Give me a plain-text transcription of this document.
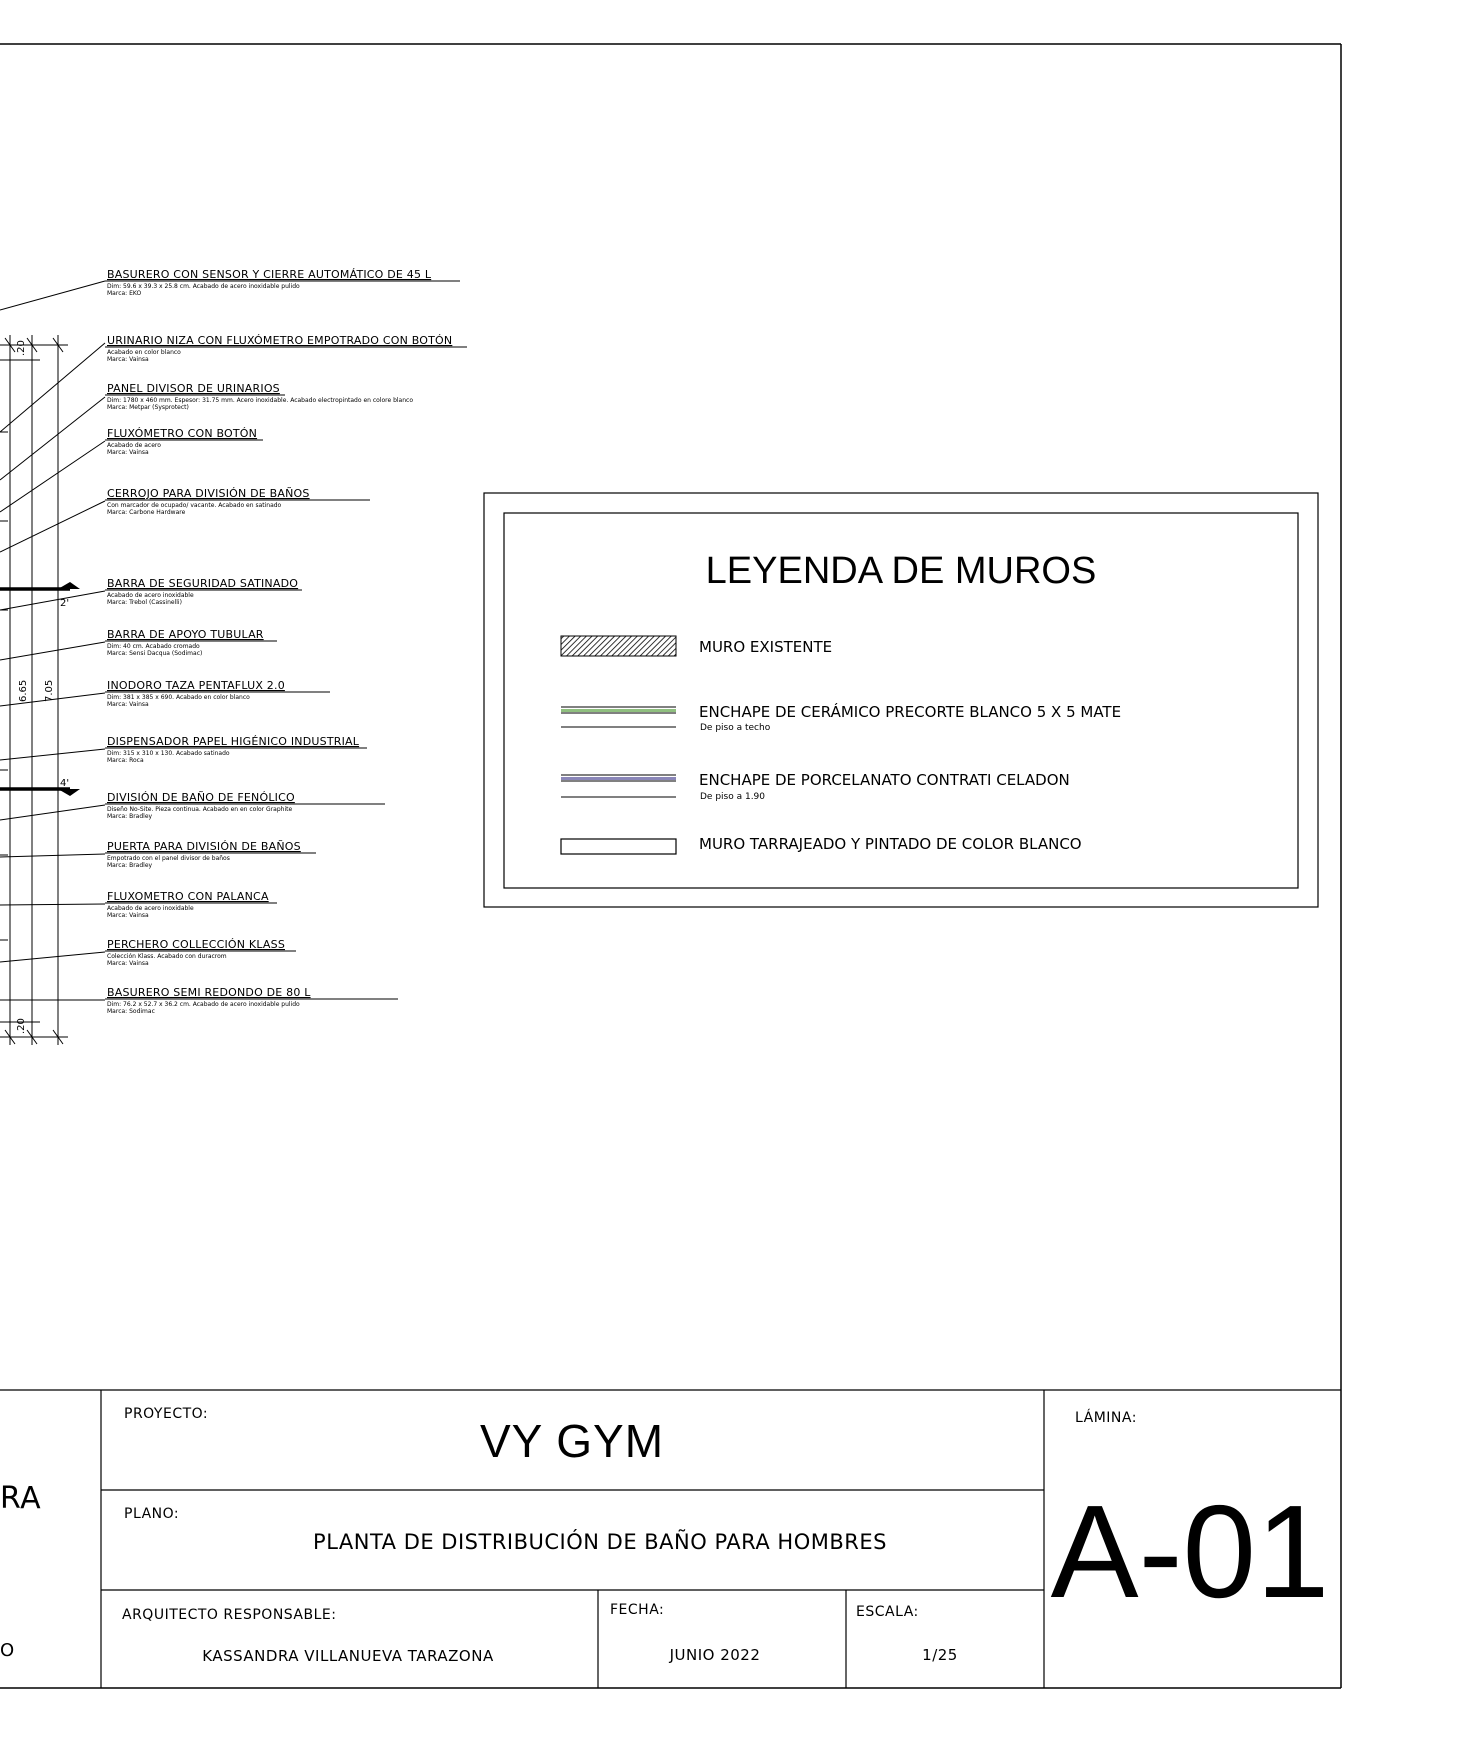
.20
.20
6.65 7.05
2'
4'
BASURERO CON SENSOR Y CIERRE AUTOMÁTICO DE 45 L
Dim: 59.6 x 39.3 x 25.8 cm. Acabado de acero inoxidable pulido
Marca: EKO
URINARIO NIZA CON FLUXÓMETRO EMPOTRADO CON BOTÓN
Acabado en color blanco
Marca: Vainsa
PANEL DIVISOR DE URINARIOS
Dim: 1780 x 460 mm. Espesor: 31.75 mm. Acero inoxidable. Acabado electropintado en colore blanco
Marca: Metpar (Sysprotect)
FLUXÓMETRO CON BOTÓN
Acabado de acero
Marca: Vainsa
CERROJO PARA DIVISIÓN DE BAÑOS
Con marcador de ocupado/ vacante. Acabado en satinado
Marca: Carbone Hardware
BARRA DE SEGURIDAD SATINADO
Acabado de acero inoxidable
Marca: Trebol (Cassinelli)
BARRA DE APOYO TUBULAR
Dim: 40 cm. Acabado cromado
Marca: Sensi Dacqua (Sodimac)
INODORO TAZA PENTAFLUX 2.0
Dim: 381 x 385 x 690. Acabado en color blanco
Marca: Vainsa
DISPENSADOR PAPEL HIGÉNICO INDUSTRIAL
Dim: 315 x 310 x 130. Acabado satinado
Marca: Roca
DIVISIÓN DE BAÑO DE FENÓLICO
Diseño No-Site. Pieza continua. Acabado en en color Graphite
Marca: Bradley
PUERTA PARA DIVISIÓN DE BAÑOS
Empotrado con el panel divisor de baños
Marca: Bradley
FLUXOMETRO CON PALANCA
Acabado de acero inoxidable
Marca: Vainsa
PERCHERO COLLECCIÓN KLASS
Colección Klass. Acabado con duracrom
Marca: Vainsa
BASURERO SEMI REDONDO DE 80 L
Dim: 76.2 x 52.7 x 36.2 cm. Acabado de acero inoxidable pulido
Marca: Sodimac
LEYENDA DE MUROS
MURO EXISTENTE
ENCHAPE DE CERÁMICO PRECORTE BLANCO 5 X 5 MATE
De piso a techo
ENCHAPE DE PORCELANATO CONTRATI CELADON
De piso a 1.90
MURO TARRAJEADO Y PINTADO DE COLOR BLANCO
RA
O
PROYECTO:
VY GYM
PLANO:
PLANTA DE DISTRIBUCIÓN DE BAÑO PARA HOMBRES
ARQUITECTO RESPONSABLE:
KASSANDRA VILLANUEVA TARAZONA
FECHA:
JUNIO 2022
ESCALA:
1/25
LÁMINA:
A-01
